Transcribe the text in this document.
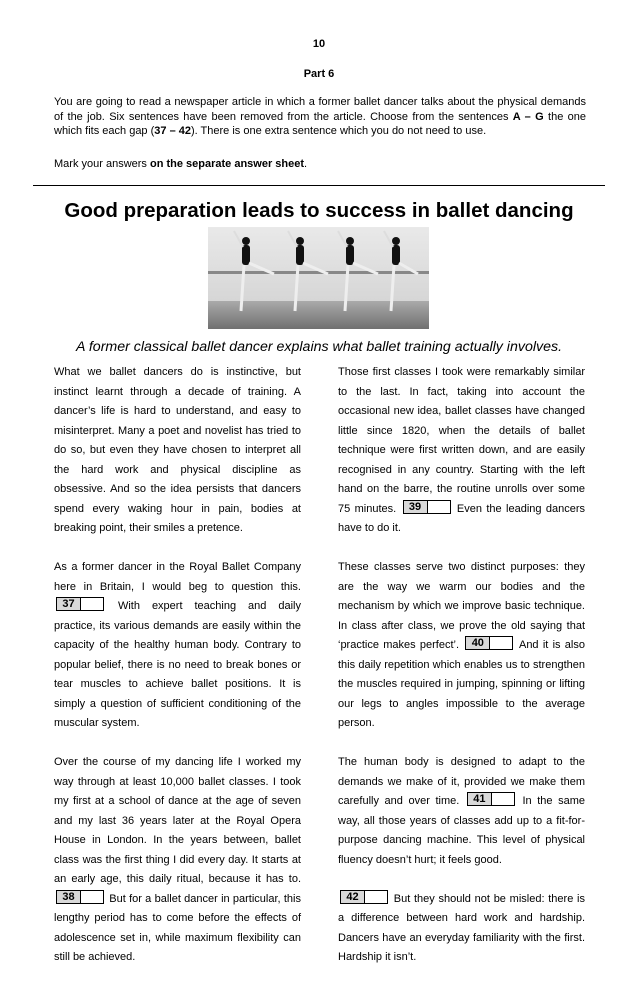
10
Part 6
You are going to read a newspaper article in which a former ballet dancer talks about the physical demands of the job. Six sentences have been removed from the article. Choose from the sentences A – G the one which fits each gap (37 – 42). There is one extra sentence which you do not need to use.
Mark your answers on the separate answer sheet.
Good preparation leads to success in ballet dancing
A former classical ballet dancer explains what ballet training actually involves.

What we ballet dancers do is instinctive, but instinct learnt through a decade of training. A dancer’s life is hard to understand, and easy to misinterpret. Many a poet and novelist has tried to do so, but even they have chosen to interpret all the hard work and physical discipline as obsessive. And so the idea persists that dancers spend every waking hour in pain, bodies at breaking point, their smiles a pretence.

As a former dancer in the Royal Ballet Company here in Britain, I would beg to question this.
37	With expert teaching and daily practice, its various demands are easily within the capacity of the healthy human body. Contrary to popular belief, there is no need to break bones or tear muscles to achieve ballet positions. It is simply a question of sufficient conditioning of the muscular system.

Over the course of my dancing life I worked my way through at least 10,000 ballet classes. I took my first at a school of dance at the age of seven and my last 36 years later at the Royal Opera House in London. In the years between, ballet class was the first thing I did every day. It starts at an early age, this daily ritual, because it has to.
38	But for a ballet dancer in particular, this lengthy period has to come before the effects of adolescence set in, while maximum flexibility can still be achieved.

Those first classes I took were remarkably similar to the last. In fact, taking into account the occasional new idea, ballet classes have changed little since 1820, when the details of ballet technique were first written down, and are easily recognised in any country. Starting with the left hand on the barre, the routine unrolls over some 75 minutes. 39	Even the leading dancers have to do it.

These classes serve two distinct purposes: they are the way we warm our bodies and the mechanism by which we improve basic technique. In class after class, we prove the old saying that ‘practice makes perfect’. 40	And it is also this daily repetition which enables us to strengthen the muscles required in jumping, spinning or lifting our legs to angles impossible to the average person.

The human body is designed to adapt to the demands we make of it, provided we make them carefully and over time. 41	In the same way, all those years of classes add up to a fit-for-purpose dancing machine. This level of physical fluency doesn’t hurt; it feels good.

42	But they should not be misled: there is a difference between hard work and hardship. Dancers have an everyday familiarity with the first. Hardship it isn’t.
